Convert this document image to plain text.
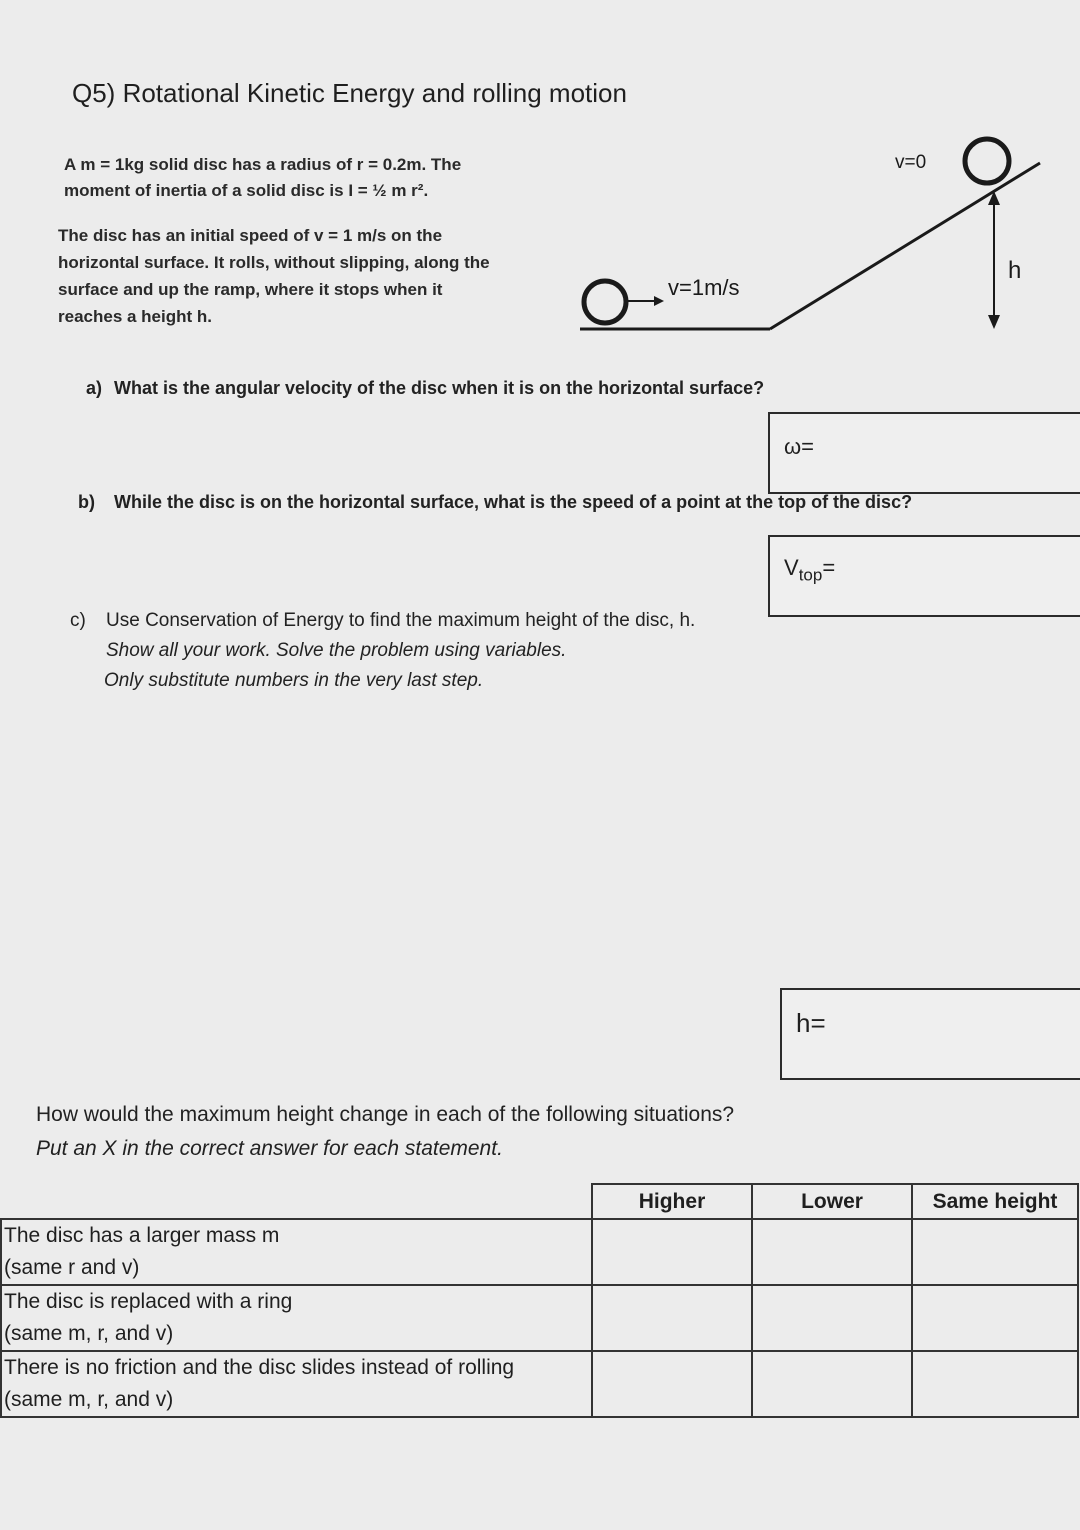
Q5) Rotational Kinetic Energy and rolling motion
A m = 1kg solid disc has a radius of r = 0.2m. The
moment of inertia of a solid disc is I = ½ m r².
The disc has an initial speed of v = 1 m/s on the
horizontal surface. It rolls, without slipping, along the
surface and up the ramp, where it stops when it
reaches a height h.
v=1m/s
v=0
h
a) What is the angular velocity of the disc when it is on the horizontal surface?
ω=
b) While the disc is on the horizontal surface, what is the speed of a point at the top of the disc?
$V_{top}=$
c) Use Conservation of Energy to find the maximum height of the disc, h.
Show all your work. Solve the problem using variables.
Only substitute numbers in the very last step.
h=
How would the maximum height change in each of the following situations?
Put an X in the correct answer for each statement.
	Higher	Lower	Same height

The disc has a larger mass m
(same r and v)			

The disc is replaced with a ring
(same m, r, and v)			

There is no friction and the disc slides instead of rolling
(same m, r, and v)			
